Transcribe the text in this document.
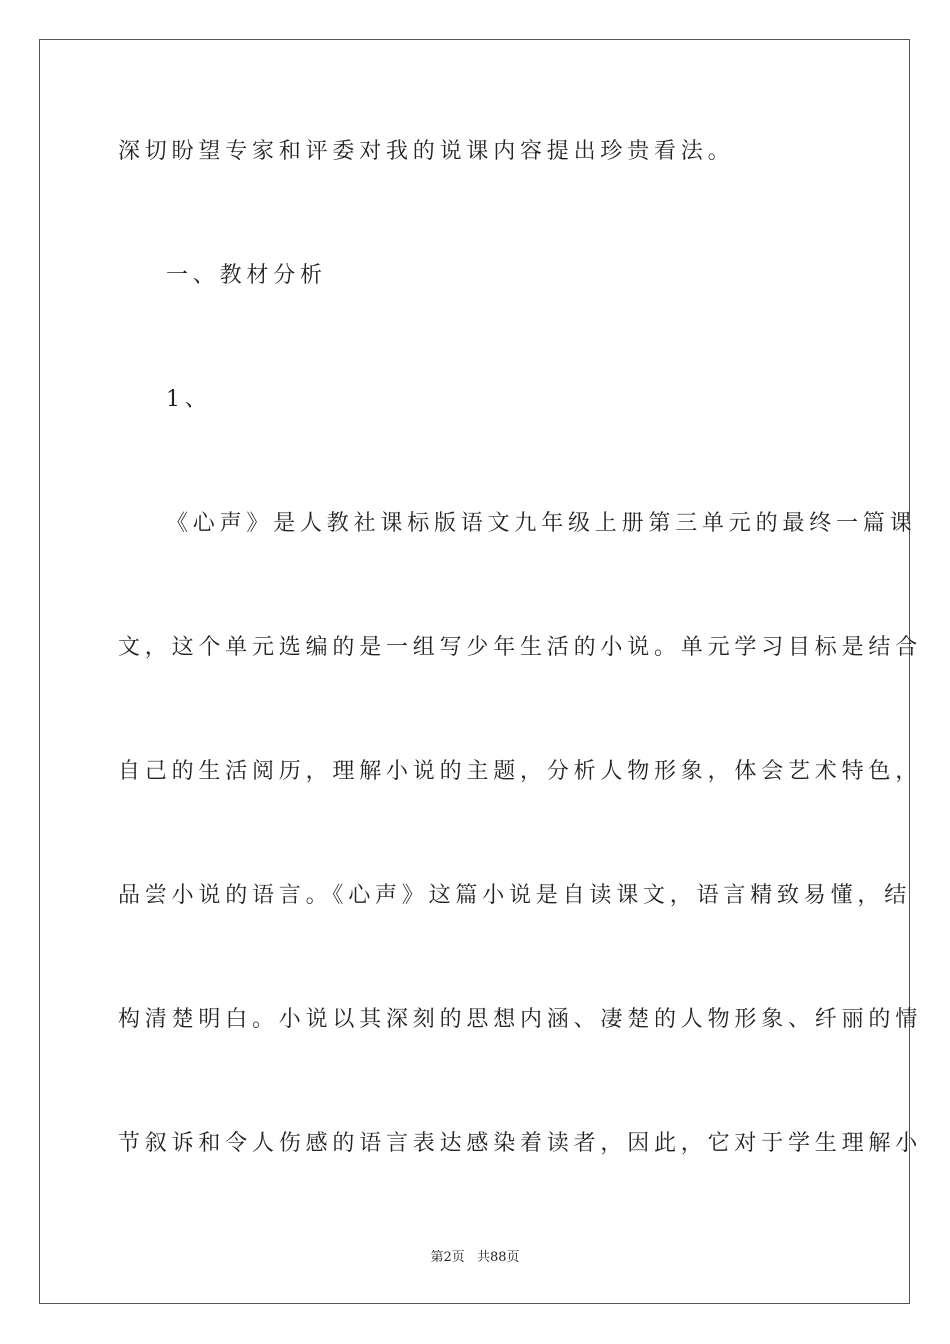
深切盼望专家和评委对我的说课内容提出珍贵看法。
一、教材分析
1、
《心声》是人教社课标版语文九年级上册第三单元的最终一篇课
文，这个单元选编的是一组写少年生活的小说。单元学习目标是结合
自己的生活阅历，理解小说的主题，分析人物形象，体会艺术特色，
品尝小说的语言。《心声》这篇小说是自读课文，语言精致易懂，结
构清楚明白。小说以其深刻的思想内涵、凄楚的人物形象、纤丽的情
节叙诉和令人伤感的语言表达感染着读者，因此，它对于学生理解小
第2页 共88页
